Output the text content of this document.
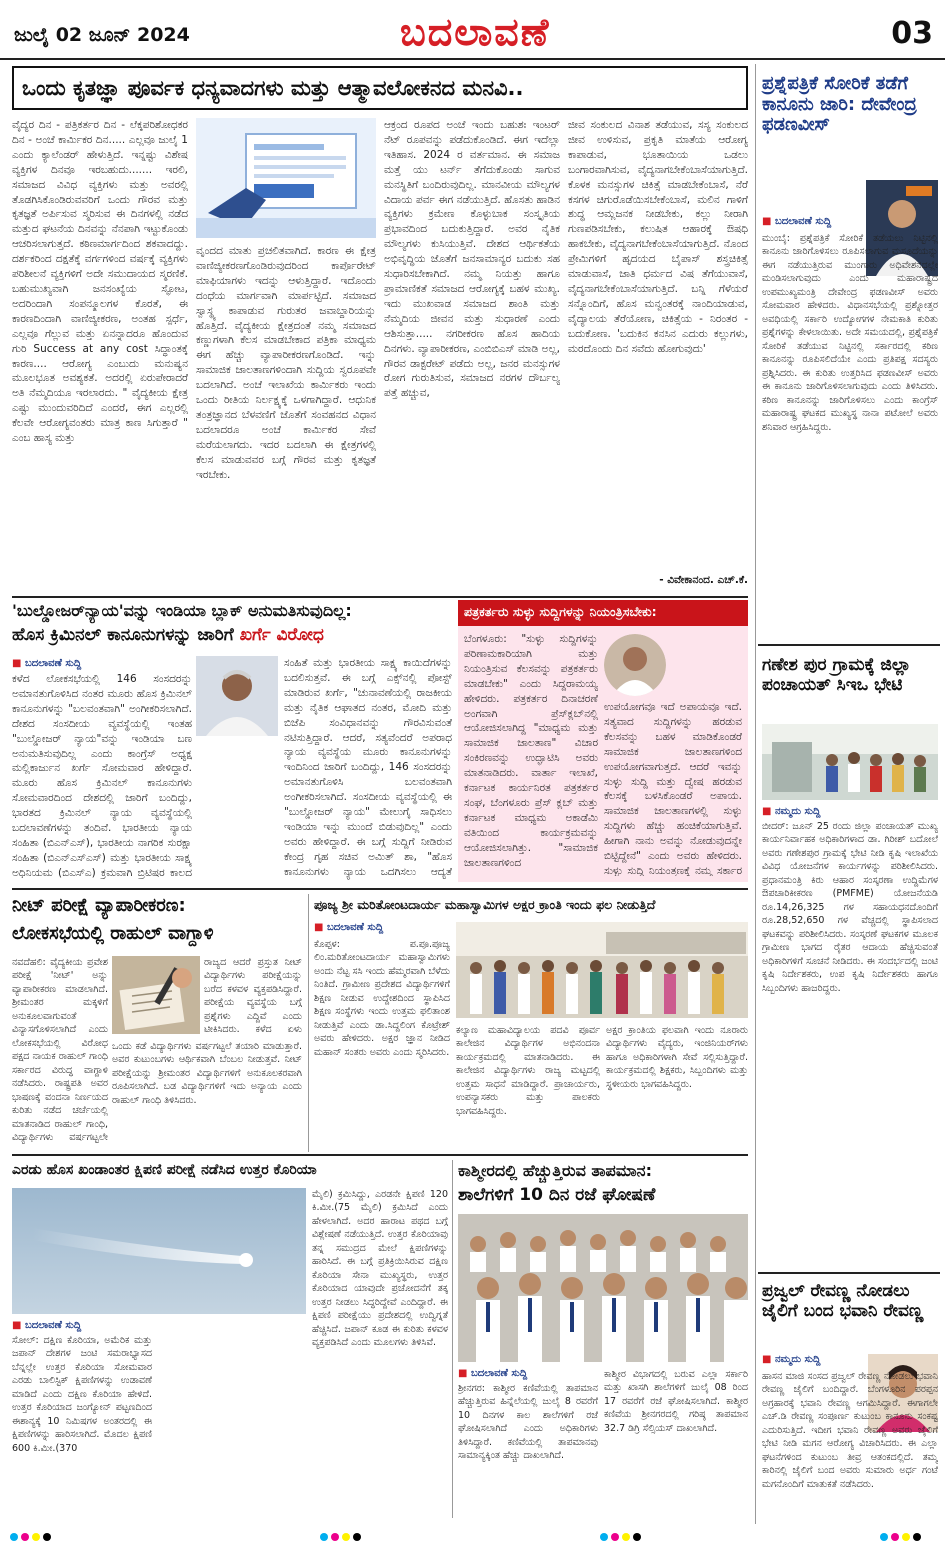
ಜುಲೈ 02 ಜೂನ್ 2024	ಬದಲಾವಣೆ	03
ಒಂದು ಕೃತಜ್ಞಾ ಪೂರ್ವಕ ಧನ್ಯವಾದಗಳು ಮತ್ತು ಆತ್ಮಾವಲೋಕನದ ಮನವಿ..
ವೈದ್ಯರ ದಿನ - ಪತ್ರಿಕರ್ತರ ದಿನ - ಲೆಕ್ಕಪರಿಶೋಧಕರ ದಿನ - ಅಂಚೆ ಕಾರ್ಮಿಕರ ದಿನ..... ಎಲ್ಲವೂ ಜುಲೈ 1 ಎಂದು ಕ್ಯಾಲೆಂಡರ್ ಹೇಳುತ್ತಿದೆ. ಇನ್ನಷ್ಟು ವಿಶೇಷ ವ್ಯಕ್ತಿಗಳ ದಿನವೂ ಇರಬಹುದು....... ಇರಲಿ, ಸಮಾಜದ ವಿವಿಧ ವ್ಯಕ್ತಿಗಳು ಮತ್ತು ಅವರಲ್ಲಿ ತೊಡಗಿಸಿಕೊಂಡಿರುವವರಿಗೆ ಒಂದು ಗೌರವ ಮತ್ತು ಕೃತಜ್ಞತೆ ಅರ್ಪಿಸುವ ಸ್ಮರಿಸುವ ಈ ದಿನಗಳಲ್ಲಿ ನಡೆದ ಮತ್ತುದ ಘಟನೆಯ ದಿನವನ್ನು ನೆನಪಾಗಿ ಇಟ್ಟುಕೊಂಡು ಆಚರಿಸಲಾಗುತ್ತದೆ. ಕಠಿಣಮಾರ್ಗದಿಂದ ಶಕವಾದದ್ದು. ದರ್ಶಕರಿಂದ ದಕ್ಷತೆಕ್ಕೆ ವರ್ಗಗಳಿಂದ ವರ್ಷಕ್ಕೆ ವ್ಯಕ್ತಿಗಳು ಪರಿಶೀಲನೆ ವ್ಯಕ್ತಿಗಳಿಗೆ ಅದೇ ಸಮುದಾಯದ ಸ್ಮರಣಿಕೆ. ಬಹುಮುಖ್ಯವಾಗಿ ಜನಸಂಖ್ಯೆಯ ಸ್ಫೋಟ, ಅದರಿಂದಾಗಿ ಸಂಪನ್ಮೂಲಗಳ ಕೊರತೆ, ಈ ಕಾರಣದಿಂದಾಗಿ ವಾಣಿಜ್ಯೀಕರಣ, ಅಂತಹ ಸ್ಪರ್ಧೆ, ಎಲ್ಲವೂ ಗೆಲ್ಲುವ ಮತ್ತು ಏನನ್ನಾದರೂ ಹೊಂದುವ ಗುರಿ Success at any cost ಸಿದ್ಧಾಂತಕ್ಕೆ ಕಾರಣ.... ಆರೋಗ್ಯ ಎಂಬುದು ಮನುಷ್ಯನ ಮೂಲಭೂತ ಅವಶ್ಯಕತೆ. ಅದರಲ್ಲಿ ಏರುಪೇರಾದರೆ ಅತಿ ನೆಮ್ಮದಿಯೂ ಇರಲಾರದು. " ವೈದ್ಯಕೀಯ ಕ್ಷೇತ್ರ ಎಷ್ಟು ಮುಂದುವರಿದಿದೆ ಎಂದರೆ, ಈಗ ಎಲ್ಲರಲ್ಲಿ ಕೆಲವೇ ಆರೋಗ್ಯವಂತರು ಮಾತ್ರ ಕಾಣ ಸಿಗುತ್ತಾರೆ " ಎಂಬ ಹಾಸ್ಯ ಮತ್ತು
ವೃಂದದ ಮಾತು ಪ್ರಚಲಿತವಾಗಿದೆ. ಕಾರಣ ಈ ಕ್ಷೇತ್ರ ವಾಣಿಜ್ಯೀಕರಣಗೊಂಡಿರುವುದರಿಂದ ಕಾರ್ಪೊರೇಟ್ ಮಾಫಿಯಾಗಳು ಇದನ್ನು ಆಳುತ್ತಿದ್ದಾರೆ. ಇದೊಂದು ದಂಧೆಯ ಮಾರ್ಗವಾಗಿ ಮಾರ್ಪಟ್ಟಿದೆ. ಸಮಾಜದ ಸ್ವಾಸ್ಥ್ಯ ಕಾಪಾಡುವ ಗುರುತರ ಜವಾಬ್ದಾರಿಯನ್ನು ಹೊತ್ತಿದೆ. ವೈದ್ಯಕೀಯ ಕ್ಷೇತ್ರದಂತೆ ನಮ್ಮ ಸಮಾಜದ ಕಣ್ಣುಗಳಾಗಿ ಕೆಲಸ ಮಾಡಬೇಕಾದ ಪತ್ರಿಕಾ ಮಾಧ್ಯಮ ಈಗ ಹೆಚ್ಚು ವ್ಯಾಪಾರೀಕರಣಗೊಂಡಿದೆ. ಇನ್ನು ಸಾಮಾಜಿಕ ಜಾಲತಾಣಗಳಿಂದಾಗಿ ಸುದ್ದಿಯ ಸ್ವರೂಪವೇ ಬದಲಾಗಿದೆ. ಅಂಚೆ ಇಲಾಖೆಯ ಕಾರ್ಮಿಕರು ಇಂದು ಒಂದು ರೀತಿಯ ನಿರ್ಲಕ್ಷ್ಯಕ್ಕೆ ಒಳಗಾಗಿದ್ದಾರೆ. ಆಧುನಿಕ ತಂತ್ರಜ್ಞಾನದ ಬೆಳವಣಿಗೆ ಜೊತೆಗೆ ಸಂವಹನದ ವಿಧಾನ ಬದಲಾದರೂ ಅಂಚೆ ಕಾರ್ಮಿಕರ ಸೇವೆ ಮರೆಯಲಾಗದು. ಇದರ ಬದಲಾಗಿ ಈ ಕ್ಷೇತ್ರಗಳಲ್ಲಿ ಕೆಲಸ ಮಾಡುವವರ ಬಗ್ಗೆ ಗೌರವ ಮತ್ತು ಕೃತಜ್ಞತೆ ಇರಬೇಕು.
ಆಕ್ರಂದ ರೂಪದ ಅಂಚೆ ಇಂದು ಬಹುಶಃ ಇಂಟರ್ ನೆಟ್ ರೂಪವನ್ನು ಪಡೆದುಕೊಂಡಿದೆ. ಈಗ ಇದೆಲ್ಲಾ ಇತಿಹಾಸ. 2024 ರ ವರ್ತಮಾನ. ಈ ಸಮಾಜ ಮತ್ತೆ ಯು ಟರ್ನ್ ತೆಗೆದುಕೊಂಡು ಸಾಗುವ ಮನಸ್ಥಿತಿಗೆ ಬಂದಿರುವುದಿಲ್ಲ. ಮಾನವೀಯ ಮೌಲ್ಯಗಳ ವಿದಾಯ ಪರ್ವ ಈಗ ನಡೆಯುತ್ತಿದೆ. ಹೊಸತು ಹಾಡಿನ ವ್ಯಕ್ತಿಗಳು ಕ್ರಮೇಣ ಕೊಳ್ಳುಬಾಕ ಸಂಸ್ಕೃತಿಯ ಪ್ರಭಾವದಿಂದ ಬದುಕುತ್ತಿದ್ದಾರೆ. ಅವರ ನೈತಿಕ ಮೌಲ್ಯಗಳು ಕುಸಿಯುತ್ತಿವೆ. ದೇಶದ ಆರ್ಥಿಕತೆಯ ಅಭಿವೃದ್ಧಿಯ ಜೊತೆಗೆ ಜನಸಾಮಾನ್ಯರ ಬದುಕು ಸಹ ಸುಧಾರಿಸಬೇಕಾಗಿದೆ. ನಮ್ಮ ನಿಯತ್ತು ಹಾಗೂ ಪ್ರಾಮಾಣಿಕತೆ ಸಮಾಜದ ಆರೋಗ್ಯಕ್ಕೆ ಬಹಳ ಮುಖ್ಯ. ಇದು ಮುಖವಾಡ ಸಮಾಜದ ಶಾಂತಿ ಮತ್ತು ನೆಮ್ಮದಿಯ ಜೀವನ ಮತ್ತು ಸುಧಾರಣೆ ಎಂದು ಆಶಿಸುತ್ತಾ..... ನಗರೀಕರಣ ಹೊಸ ಹಾದಿಯ ದಿನಗಳು. ವ್ಯಾಪಾರೀಕರಣ, ಎಂಬಿಬಿಎಸ್ ಮಾಡಿ ಅಲ್ಲ, ಗೌರವ ಡಾಕ್ಟರೇಟ್ ಪಡೆದು ಅಲ್ಲ, ಜನರ ಮನಸ್ಸುಗಳ ರೋಗ ಗುರುತಿಸುವ, ಸಮಾಜದ ನರಗಳ ದೌರ್ಬಲ್ಯ ಪತ್ತೆ ಹಚ್ಚುವ,
ಜೀವ ಸಂಕುಲದ ವಿನಾಶ ತಡೆಯುವ, ಸಸ್ಯ ಸಂಕುಲದ ಜೀವ ಉಳಿಸುವ, ಪ್ರಕೃತಿ ಮಾತೆಯ ಆರೋಗ್ಯ ಕಾಪಾಡುವ, ಭೂತಾಯಿಯ ಒಡಲು ಬಂಗಾರವಾಗಿಸುವ, ವೈದ್ಯನಾಗಬೇಕೆಂಬಾಸೆಯಾಗುತ್ತಿದೆ. ಕೊಳಕ ಮನಸ್ಸುಗಳ ಚಿಕಿತ್ಸೆ ಮಾಡಬೇಕೆಂಬಾಸೆ, ನೆರೆ ಕಸಗಳ ಚಿಗುರೊಡೆಯಿಸಬೇಕೆಂಬಾಸೆ, ಮಲಿನ ಗಾಳಿಗೆ ಶುದ್ಧ ಆಮ್ಲಜನಕ ನೀಡಬೇಕು, ಕಲ್ಲು ನೀರಾಗಿ ಗುಣಪಡಿಸಬೇಕು, ಕಲುಷಿತ ಆಹಾರಕ್ಕೆ ಔಷಧಿ ಹಾಕಬೇಕು, ವೈದ್ಯನಾಗಬೇಕೆಂಬಾಸೆಯಾಗುತ್ತಿದೆ. ನೊಂದ ಪ್ರೇಮಿಗಳಿಗೆ ಹೃದಯದ ಬೈಪಾಸ್ ಶಸ್ತ್ರಚಿಕಿತ್ಸೆ ಮಾಡುವಾಸೆ, ಜಾತಿ ಧರ್ಮದ ವಿಷ ತೆಗೆಯುವಾಸೆ, ವೈದ್ಯನಾಗಬೇಕೆಂಬಾಸೆಯಾಗುತ್ತಿದೆ. ಬನ್ನಿ ಗೆಳೆಯರೆ ಸನ್ನೊಂದಿಗೆ, ಹೊಸ ಮನ್ವಂತರಕ್ಕೆ ನಾಂದಿಯಾಡುವ, ವೈದ್ಯಾಲಯ ತೆರೆಯೋಣ, ಚಿಕಿತ್ಸೆಯ - ನಿರಂತರ - ಬದುಕೋಣ. 'ಬದುಕಿನ ಕನಸಿನ ಎದುರು ಕಲ್ಲುಗಳು, ಮರದೊಂದು ದಿನ ಸವೆದು ಹೋಗುವುದು'
- ವಿವೇಕಾನಂದ. ಎಚ್.ಕೆ.
ಪ್ರಶ್ನೆಪತ್ರಿಕೆ ಸೋರಿಕೆ ತಡೆಗೆ ಕಾನೂನು ಜಾರಿ: ದೇವೇಂದ್ರ ಫಡಣವೀಸ್
■ ಬದಲಾವಣೆ ಸುದ್ದಿ
ಮುಂಬೈ: ಪ್ರಶ್ನೆಪತ್ರಿಕೆ ಸೋರಿಕೆ ತಡೆಯಲು ನಿಟ್ಟಿನಲ್ಲಿ ಕಾನೂನು ಜಾರಿಗೊಳಿಸಲು ರೂಪಿಸಲಾಗುವ ಮಸೂದೆಯನ್ನು ಈಗ ನಡೆಯುತ್ತಿರುವ ಮುಂಗಾರು ಅಧಿವೇಶನದಲ್ಲೇ ಮಂಡಿಸಲಾಗುವುದು ಎಂದು ಮಹಾರಾಷ್ಟ್ರದ ಉಪಮುಖ್ಯಮಂತ್ರಿ ದೇವೇಂದ್ರ ಫಡಣವೀಸ್ ಅವರು ಸೋಮವಾರ ಹೇಳಿದರು. ವಿಧಾನಸಭೆಯಲ್ಲಿ ಪ್ರಶ್ನೋತ್ತರ ಅವಧಿಯಲ್ಲಿ ಸರ್ಕಾರಿ ಉದ್ಯೋಗಗಳ ನೇಮಕಾತಿ ಕುರಿತು ಪ್ರಶ್ನೆಗಳನ್ನು ಕೇಳಲಾಯಿತು. ಅದೇ ಸಮಯದಲ್ಲಿ, ಪ್ರಶ್ನೆಪತ್ರಿಕೆ ಸೋರಿಕೆ ತಡೆಯುವ ನಿಟ್ಟಿನಲ್ಲಿ ಸರ್ಕಾರದಲ್ಲಿ ಕಠಿಣ ಕಾನೂನನ್ನು ರೂಪಿಸಲಿದೆಯೇ ಎಂದು ಪ್ರತಿಪಕ್ಷ ಸದಸ್ಯರು ಪ್ರಶ್ನಿಸಿದರು. ಈ ಕುರಿತು ಉತ್ತರಿಸಿದ ಫಡಣವೀಸ್ ಅವರು ಈ ಕಾನೂನು ಜಾರಿಗೊಳಿಸಲಾಗುವುದು ಎಂದು ತಿಳಿಸಿದರು. ಕಠಿಣ ಕಾನೂನನ್ನು ಜಾರಿಗೊಳಿಸಲು ಎಂದು ಕಾಂಗ್ರೆಸ್ ಮಹಾರಾಷ್ಟ್ರ ಘಟಕದ ಮುಖ್ಯಸ್ಥ ನಾನಾ ಪಟೋಲೆ ಅವರು ಶನಿವಾರ ಆಗ್ರಹಿಸಿದ್ದರು.
ಗಣೇಶ ಪುರ ಗ್ರಾಮಕ್ಕೆ ಜಿಲ್ಲಾ ಪಂಚಾಯತ್ ಸಿಇಒ ಭೇಟಿ
■ ನಮ್ಮದು ಸುದ್ದಿ
ಬೀದರ್: ಜೂನ್ 25 ರಂದು ಜಿಲ್ಲಾ ಪಂಚಾಯತ್ ಮುಖ್ಯ ಕಾರ್ಯನಿರ್ವಾಹಕ ಅಧಿಕಾರಿಗಳಾದ ಡಾ. ಗಿರೀಶ್ ಬದೋಲೆ ಅವರು ಗಣೇಶಪುರ ಗ್ರಾಮಕ್ಕೆ ಭೇಟಿ ನೀಡಿ ಕೃಷಿ ಇಲಾಖೆಯ ವಿವಿಧ ಯೋಜನೆಗಳ ಕಾರ್ಯಗಳನ್ನು ಪರಿಶೀಲಿಸಿದರು. ಪ್ರಧಾನಮಂತ್ರಿ ಕಿರು ಆಹಾರ ಸಂಸ್ಕರಣಾ ಉದ್ದಿಮೆಗಳ ಔಪಚಾರಿಕೀಕರಣ (PMFME) ಯೋಜನೆಯಡಿ ರೂ.14,26,325 ಗಳ ಸಹಾಯಧನದೊಂದಿಗೆ ರೂ.28,52,650 ಗಳ ವೆಚ್ಚದಲ್ಲಿ ಸ್ಥಾಪಿಸಲಾದ ಘಟಕವನ್ನು ಪರಿಶೀಲಿಸಿದರು. ಸಂಸ್ಕರಣೆ ಘಟಕಗಳ ಮೂಲಕ ಗ್ರಾಮೀಣ ಭಾಗದ ರೈತರ ಆದಾಯ ಹೆಚ್ಚಿಸುವಂತೆ ಅಧಿಕಾರಿಗಳಿಗೆ ಸೂಚನೆ ನೀಡಿದರು. ಈ ಸಂದರ್ಭದಲ್ಲಿ ಜಂಟಿ ಕೃಷಿ ನಿರ್ದೇಶಕರು, ಉಪ ಕೃಷಿ ನಿರ್ದೇಶಕರು ಹಾಗೂ ಸಿಬ್ಬಂದಿಗಳು ಹಾಜರಿದ್ದರು.
ಪ್ರಜ್ವಲ್ ರೇವಣ್ಣ ನೋಡಲು ಜೈಲಿಗೆ ಬಂದ ಭವಾನಿ ರೇವಣ್ಣ
■ ನಮ್ಮದು ಸುದ್ದಿ
ಹಾಸನ ಮಾಜಿ ಸಂಸದ ಪ್ರಜ್ವಲ್ ರೇವಣ್ಣ ನೋಡಲು ಭವಾನಿ ರೇವಣ್ಣ ಜೈಲಿಗೆ ಬಂದಿದ್ದಾರೆ. ಬೆಂಗಳೂರಿನ ಪರಪ್ಪನ ಅಗ್ರಹಾರಕ್ಕೆ ಭವಾನಿ ರೇವಣ್ಣ ಆಗಮಿಸಿದ್ದಾರೆ. ಈಗಾಗಲೇ ಎಚ್.ಡಿ ರೇವಣ್ಣ ಸಂಪೂರ್ಣ ಕುಟುಂಬ ಕಾನೂನು ಸಂಕಷ್ಟ ಎದುರಿಸುತ್ತಿದೆ. ಇದೀಗ ಭವಾನಿ ರೇವಣ್ಣ ಅವರು ಜೈಲಿಗೆ ಭೇಟಿ ನೀಡಿ ಮಗನ ಆರೋಗ್ಯ ವಿಚಾರಿಸಿದರು. ಈ ಎಲ್ಲಾ ಘಟನೆಗಳಿಂದ ಕುಟುಂಬ ತೀವ್ರ ಆತಂಕದಲ್ಲಿದೆ. ತಮ್ಮ ಕಾರಿನಲ್ಲಿ ಜೈಲಿಗೆ ಬಂದ ಅವರು ಸುಮಾರು ಅರ್ಧ ಗಂಟೆ ಮಗನೊಂದಿಗೆ ಮಾತುಕತೆ ನಡೆಸಿದರು.
'ಬುಲ್ಡೋಜರ್‌ನ್ಯಾಯ'ವನ್ನು ಇಂಡಿಯಾ ಬ್ಲಾಕ್ ಅನುಮತಿಸುವುದಿಲ್ಲ:
ಹೊಸ ಕ್ರಿಮಿನಲ್ ಕಾನೂನುಗಳನ್ನು ಜಾರಿಗೆ ಖರ್ಗೆ ವಿರೋಧ
■ ಬದಲಾವಣೆ ಸುದ್ದಿ
ಕಳೆದ ಲೋಕಸಭೆಯಲ್ಲಿ 146 ಸಂಸದರನ್ನು ಅಮಾನತುಗೊಳಿಸಿದ ನಂತರ ಮೂರು ಹೊಸ ಕ್ರಿಮಿನಲ್ ಕಾನೂನುಗಳನ್ನು "ಬಲವಂತವಾಗಿ" ಅಂಗೀಕರಿಸಲಾಗಿದೆ. ದೇಶದ ಸಂಸದೀಯ ವ್ಯವಸ್ಥೆಯಲ್ಲಿ ಇಂತಹ "ಬುಲ್ಡೋಜರ್ ನ್ಯಾಯ"ವನ್ನು ಇಂಡಿಯಾ ಬಣ ಅನುಮತಿಸುವುದಿಲ್ಲ ಎಂದು ಕಾಂಗ್ರೆಸ್ ಅಧ್ಯಕ್ಷ ಮಲ್ಲಿಕಾರ್ಜುನ ಖರ್ಗೆ ಸೋಮವಾರ ಹೇಳಿದ್ದಾರೆ. ಮೂರು ಹೊಸ ಕ್ರಿಮಿನಲ್ ಕಾನೂನುಗಳು ಸೋಮವಾರದಿಂದ ದೇಶದಲ್ಲಿ ಜಾರಿಗೆ ಬಂದಿದ್ದು, ಭಾರತದ ಕ್ರಿಮಿನಲ್ ನ್ಯಾಯ ವ್ಯವಸ್ಥೆಯಲ್ಲಿ ಬದಲಾವಣೆಗಳನ್ನು ತಂದಿವೆ. ಭಾರತೀಯ ನ್ಯಾಯ ಸಂಹಿತಾ (ಬಿಎನ್‌ಎಸ್), ಭಾರತೀಯ ನಾಗರಿಕ ಸುರಕ್ಷಾ ಸಂಹಿತಾ (ಬಿಎನ್‌ಎಸ್‌ಎಸ್) ಮತ್ತು ಭಾರತೀಯ ಸಾಕ್ಷ್ಯ ಅಧಿನಿಯಮ (ಬಿಎಸ್‌ಎ) ಕ್ರಮವಾಗಿ ಬ್ರಿಟಿಷರ ಕಾಲದ
ಸಂಹಿತೆ ಮತ್ತು ಭಾರತೀಯ ಸಾಕ್ಷ್ಯ ಕಾಯಿದೆಗಳನ್ನು ಬದಲಿಸುತ್ತವೆ. ಈ ಬಗ್ಗೆ ಎಕ್ಸ್‌ನಲ್ಲಿ ಪೋಸ್ಟ್ ಮಾಡಿರುವ ಖರ್ಗೆ, "ಚುನಾವಣೆಯಲ್ಲಿ ರಾಜಕೀಯ ಮತ್ತು ನೈತಿಕ ಆಘಾತದ ನಂತರ, ಮೋದಿ ಮತ್ತು ಬಿಜೆಪಿ ಸಂವಿಧಾನವನ್ನು ಗೌರವಿಸುವಂತೆ ನಟಿಸುತ್ತಿದ್ದಾರೆ. ಆದರೆ, ಸತ್ಯವೆಂದರೆ ಅಪರಾಧ ನ್ಯಾಯ ವ್ಯವಸ್ಥೆಯ ಮೂರು ಕಾನೂನುಗಳನ್ನು ಇಂದಿನಿಂದ ಜಾರಿಗೆ ಬಂದಿದ್ದು, 146 ಸಂಸದರನ್ನು ಅಮಾನತುಗೊಳಿಸಿ ಬಲವಂತವಾಗಿ ಅಂಗೀಕರಿಸಲಾಗಿದೆ. ಸಂಸದೀಯ ವ್ಯವಸ್ಥೆಯಲ್ಲಿ ಈ "ಬುಲ್ಡೋಜರ್ ನ್ಯಾಯ" ಮೇಲುಗೈ ಸಾಧಿಸಲು ಇಂಡಿಯಾ ಇನ್ನು ಮುಂದೆ ಬಿಡುವುದಿಲ್ಲ" ಎಂದು ಅವರು ಹೇಳಿದ್ದಾರೆ. ಈ ಬಗ್ಗೆ ಸುದ್ದಿಗೆ ನೀಡಿರುವ ಕೇಂದ್ರ ಗೃಹ ಸಚಿವ ಅಮಿತ್ ಶಾ, "ಹೊಸ ಕಾನೂನುಗಳು ನ್ಯಾಯ ಒದಗಿಸಲು ಆದ್ಯತೆ
ಪತ್ರಕರ್ತರು ಸುಳ್ಳು ಸುದ್ದಿಗಳನ್ನು ನಿಯಂತ್ರಿಸಬೇಕು:
ಬೆಂಗಳೂರು: "ಸುಳ್ಳು ಸುದ್ದಿಗಳನ್ನು ಪರಿಣಾಮಕಾರಿಯಾಗಿ ಮತ್ತು ನಿಯಂತ್ರಿಸುವ ಕೆಲಸವನ್ನು ಪತ್ರಕರ್ತರು ಮಾಡಬೇಕು" ಎಂದು ಸಿದ್ದರಾಮಯ್ಯ ಹೇಳಿದರು. ಪತ್ರಕರ್ತರ ದಿನಾಚರಣೆ ಅಂಗವಾಗಿ ಪ್ರೆಸ್‌ಕ್ಲಬ್‌ನಲ್ಲಿ ಆಯೋಜಿಸಲಾಗಿದ್ದ "ಮಾಧ್ಯಮ ಮತ್ತು ಸಾಮಾಜಿಕ ಜಾಲತಾಣ" ವಿಚಾರ ಸಂಕಿರಣವನ್ನು ಉದ್ಘಾಟಿಸಿ ಅವರು ಮಾತನಾಡಿದರು. ವಾರ್ತಾ ಇಲಾಖೆ, ಕರ್ನಾಟಕ ಕಾರ್ಯನಿರತ ಪತ್ರಕರ್ತರ ಸಂಘ, ಬೆಂಗಳೂರು ಪ್ರೆಸ್ ಕ್ಲಬ್ ಮತ್ತು ಕರ್ನಾಟಕ ಮಾಧ್ಯಮ ಅಕಾಡೆಮಿ ವತಿಯಿಂದ ಕಾರ್ಯಕ್ರಮವನ್ನು ಆಯೋಜಿಸಲಾಗಿತ್ತು. "ಸಾಮಾಜಿಕ ಜಾಲತಾಣಗಳಿಂದ
ಉಪಯೋಗವೂ ಇದೆ ಅಪಾಯವೂ ಇದೆ. ಸತ್ಯವಾದ ಸುದ್ದಿಗಳನ್ನು ಹರಡುವ ಕೆಲಸವನ್ನು ಬಹಳ ಮಾಡಿಕೊಂಡರೆ ಸಾಮಾಜಿಕ ಜಾಲತಾಣಗಳಿಂದ ಉಪಯೋಗವಾಗುತ್ತದೆ. ಆದರೆ ಇವನ್ನು ಸುಳ್ಳು ಸುದ್ದಿ ಮತ್ತು ದ್ವೇಷ ಹರಡುವ ಕೆಲಸಕ್ಕೆ ಬಳಸಿಕೊಂಡರೆ ಅಪಾಯ. ಸಾಮಾಜಿಕ ಜಾಲತಾಣಗಳಲ್ಲಿ ಸುಳ್ಳು ಸುದ್ದಿಗಳು ಹೆಚ್ಚು ಹಂಚಿಕೆಯಾಗುತ್ತಿವೆ. ಹೀಗಾಗಿ ನಾನು ಅವನ್ನು ನೋಡುವುದನ್ನೇ ಬಿಟ್ಟಿದ್ದೇನೆ" ಎಂದು ಅವರು ಹೇಳಿದರು. ಸುಳ್ಳು ಸುದ್ದಿ ನಿಯಂತ್ರಣಕ್ಕೆ ನಮ್ಮ ಸರ್ಕಾರ
ನೀಟ್ ಪರೀಕ್ಷೆ ವ್ಯಾಪಾರೀಕರಣ:
ಲೋಕಸಭೆಯಲ್ಲಿ ರಾಹುಲ್ ವಾಗ್ದಾಳಿ
ನವದೆಹಲಿ: ವೈದ್ಯಕೀಯ ಪ್ರವೇಶ ಪರೀಕ್ಷೆ 'ನೀಟ್' ಅನ್ನು ವ್ಯಾಪಾರೀಕರಣ ಮಾಡಲಾಗಿದೆ. ಶ್ರೀಮಂತರ ಮಕ್ಕಳಿಗೆ ಅನುಕೂಲವಾಗುವಂತೆ ವಿನ್ಯಾಸಗೊಳಿಸಲಾಗಿದೆ ಎಂದು ಲೋಕಸಭೆಯಲ್ಲಿ ವಿರೋಧ ಪಕ್ಷದ ನಾಯಕ ರಾಹುಲ್ ಗಾಂಧಿ ಸರ್ಕಾರದ ವಿರುದ್ಧ ವಾಗ್ದಾಳಿ ನಡೆಸಿದರು. ರಾಷ್ಟ್ರಪತಿ ಅವರ ಭಾಷಣಕ್ಕೆ ವಂದನಾ ನಿರ್ಣಯದ ಕುರಿತು ನಡೆದ ಚರ್ಚೆಯಲ್ಲಿ ಮಾತನಾಡಿದ ರಾಹುಲ್ ಗಾಂಧಿ, ವಿದ್ಯಾರ್ಥಿಗಳು ವರ್ಷಗಟ್ಟಲೇ
ರಾಜ್ಯದ ಆದರೆ ಪ್ರಸ್ತುತ ನೀಟ್ ವಿದ್ಯಾರ್ಥಿಗಳು ಪರೀಕ್ಷೆಯನ್ನು ಬರೆದ ಕಳವಳ ವ್ಯಕ್ತಪಡಿಸಿದ್ದಾರೆ. ಪರೀಕ್ಷೆಯ ವ್ಯವಸ್ಥೆಯ ಬಗ್ಗೆ ಪ್ರಶ್ನೆಗಳು ಎದ್ದಿವೆ ಎಂದು ಟೀಕಿಸಿದರು. ಕಳೆದ ಏಳು
ಒಂದು ಕಡೆ ವಿದ್ಯಾರ್ಥಿಗಳು ವರ್ಷಗಟ್ಟಲೆ ತಯಾರಿ ಮಾಡುತ್ತಾರೆ. ಅವರ ಕುಟುಂಬಗಳು ಆರ್ಥಿಕವಾಗಿ ಬೆಂಬಲ ನೀಡುತ್ತವೆ. ನೀಟ್ ಪರೀಕ್ಷೆಯನ್ನು ಶ್ರೀಮಂತರ ವಿದ್ಯಾರ್ಥಿಗಳಿಗೆ ಅನುಕೂಲಕರವಾಗಿ ರೂಪಿಸಲಾಗಿದೆ. ಬಡ ವಿದ್ಯಾರ್ಥಿಗಳಿಗೆ ಇದು ಅನ್ಯಾಯ ಎಂದು ರಾಹುಲ್ ಗಾಂಧಿ ತಿಳಿಸಿದರು.
ಪೂಜ್ಯ ಶ್ರೀ ಮರಿತೋಂಟದಾರ್ಯ ಮಹಾಸ್ವಾಮಿಗಳ ಅಕ್ಷರ ಕ್ರಾಂತಿ ಇಂದು ಫಲ ನೀಡುತ್ತಿದೆ
■ ಬದಲಾವಣೆ ಸುದ್ದಿ
ಕೊಪ್ಪಳ: ಪ.ಪೂ.ಪೂಜ್ಯ ಲಿಂ.ಮರಿತೋಂಟದಾರ್ಯ ಮಹಾಸ್ವಾಮಿಗಳು ಅಂದು ನೆಟ್ಟ ಸಸಿ ಇಂದು ಹೆಮ್ಮರವಾಗಿ ಬೆಳೆದು ನಿಂತಿದೆ. ಗ್ರಾಮೀಣ ಪ್ರದೇಶದ ವಿದ್ಯಾರ್ಥಿಗಳಿಗೆ ಶಿಕ್ಷಣ ನೀಡುವ ಉದ್ದೇಶದಿಂದ ಸ್ಥಾಪಿಸಿದ ಶಿಕ್ಷಣ ಸಂಸ್ಥೆಗಳು ಇಂದು ಉತ್ತಮ ಫಲಿತಾಂಶ ನೀಡುತ್ತಿವೆ ಎಂದು ಡಾ.ಸಿದ್ದಲಿಂಗ ಕೊಟ್ರೇಶ್ ಅವರು ಹೇಳಿದರು. ಅಕ್ಷರ ಜ್ಞಾನ ನೀಡಿದ ಮಹಾನ್ ಸಂತರು ಅವರು ಎಂದು ಸ್ಮರಿಸಿದರು.
ಕಲ್ಯಾಣ ಮಹಾವಿದ್ಯಾಲಯ ಪದವಿ ಪೂರ್ವ ಕಾಲೇಜಿನ ವಿದ್ಯಾರ್ಥಿಗಳ ಅಭಿನಂದನಾ ಕಾರ್ಯಕ್ರಮದಲ್ಲಿ ಮಾತನಾಡಿದರು. ಈ ಕಾಲೇಜಿನ ವಿದ್ಯಾರ್ಥಿಗಳು ರಾಜ್ಯ ಮಟ್ಟದಲ್ಲಿ ಉತ್ತಮ ಸಾಧನೆ ಮಾಡಿದ್ದಾರೆ. ಪ್ರಾಚಾರ್ಯರು, ಉಪನ್ಯಾಸಕರು ಮತ್ತು ಪಾಲಕರು ಭಾಗವಹಿಸಿದ್ದರು.
ಅಕ್ಷರ ಕ್ರಾಂತಿಯ ಫಲವಾಗಿ ಇಂದು ನೂರಾರು ವಿದ್ಯಾರ್ಥಿಗಳು ವೈದ್ಯರು, ಇಂಜಿನಿಯರ್‌ಗಳು ಹಾಗೂ ಅಧಿಕಾರಿಗಳಾಗಿ ಸೇವೆ ಸಲ್ಲಿಸುತ್ತಿದ್ದಾರೆ. ಕಾರ್ಯಕ್ರಮದಲ್ಲಿ ಶಿಕ್ಷಕರು, ಸಿಬ್ಬಂದಿಗಳು ಮತ್ತು ಸ್ಥಳೀಯರು ಭಾಗವಹಿಸಿದ್ದರು.
ಎರಡು ಹೊಸ ಖಂಡಾಂತರ ಕ್ಷಿಪಣಿ ಪರೀಕ್ಷೆ ನಡೆಸಿದ ಉತ್ತರ ಕೊರಿಯಾ
■ ಬದಲಾವಣೆ ಸುದ್ದಿ
ಸೋಲ್: ದಕ್ಷಿಣ ಕೊರಿಯಾ, ಅಮೆರಿಕ ಮತ್ತು ಜಪಾನ್ ದೇಶಗಳ ಜಂಟಿ ಸಮರಾಭ್ಯಾಸದ ಬೆನ್ನಲ್ಲೇ ಉತ್ತರ ಕೊರಿಯಾ ಸೋಮವಾರ ಎರಡು ಬಾಲಿಸ್ಟಿಕ್ ಕ್ಷಿಪಣಿಗಳನ್ನು ಉಡಾವಣೆ ಮಾಡಿದೆ ಎಂದು ದಕ್ಷಿಣ ಕೊರಿಯಾ ಹೇಳಿದೆ. ಉತ್ತರ ಕೊರಿಯಾದ ಜಂಗ್ಯೋನ್ ಪಟ್ಟಣದಿಂದ ಈಶಾನ್ಯಕ್ಕೆ 10 ನಿಮಿಷಗಳ ಅಂತರದಲ್ಲಿ ಈ ಕ್ಷಿಪಣಿಗಳನ್ನು ಹಾರಿಸಲಾಗಿದೆ. ಮೊದಲ ಕ್ಷಿಪಣಿ 600 ಕಿ.ಮೀ.(370
ಮೈಲಿ) ಕ್ರಮಿಸಿದ್ದು, ಎರಡನೇ ಕ್ಷಿಪಣಿ 120 ಕಿ.ಮೀ.(75 ಮೈಲಿ) ಕ್ರಮಿಸಿದೆ ಎಂದು ಹೇಳಲಾಗಿದೆ. ಅದರ ಹಾರಾಟ ಪಥದ ಬಗ್ಗೆ ವಿಶ್ಲೇಷಣೆ ನಡೆಯುತ್ತಿದೆ. ಉತ್ತರ ಕೊರಿಯಾವು ತನ್ನ ಸಮುದ್ರದ ಮೇಲೆ ಕ್ಷಿಪಣಿಗಳನ್ನು ಹಾರಿಸಿದೆ. ಈ ಬಗ್ಗೆ ಪ್ರತಿಕ್ರಿಯಿಸಿರುವ ದಕ್ಷಿಣ ಕೊರಿಯಾ ಸೇನಾ ಮುಖ್ಯಸ್ಥರು, ಉತ್ತರ ಕೊರಿಯಾದ ಯಾವುದೇ ಪ್ರಚೋದನೆಗೆ ತಕ್ಕ ಉತ್ತರ ನೀಡಲು ಸಿದ್ಧರಿದ್ದೇವೆ ಎಂದಿದ್ದಾರೆ. ಈ ಕ್ಷಿಪಣಿ ಪರೀಕ್ಷೆಯು ಪ್ರದೇಶದಲ್ಲಿ ಉದ್ವಿಗ್ನತೆ ಹೆಚ್ಚಿಸಿದೆ. ಜಪಾನ್ ಕೂಡ ಈ ಕುರಿತು ಕಳವಳ ವ್ಯಕ್ತಪಡಿಸಿದೆ ಎಂದು ಮೂಲಗಳು ತಿಳಿಸಿವೆ.
ಕಾಶ್ಮೀರದಲ್ಲಿ ಹೆಚ್ಚುತ್ತಿರುವ ತಾಪಮಾನ:
ಶಾಲೆಗಳಿಗೆ 10 ದಿನ ರಜೆ ಘೋಷಣೆ
■ ಬದಲಾವಣೆ ಸುದ್ದಿ
ಶ್ರೀನಗರ: ಕಾಶ್ಮೀರ ಕಣಿವೆಯಲ್ಲಿ ತಾಪಮಾನ ಹೆಚ್ಚುತ್ತಿರುವ ಹಿನ್ನೆಲೆಯಲ್ಲಿ ಜುಲೈ 8 ರವರೆಗೆ 10 ದಿನಗಳ ಕಾಲ ಶಾಲೆಗಳಿಗೆ ರಜೆ ಘೋಷಿಸಲಾಗಿದೆ ಎಂದು ಅಧಿಕಾರಿಗಳು ತಿಳಿಸಿದ್ದಾರೆ. ಕಣಿವೆಯಲ್ಲಿ ತಾಪಮಾನವು ಸಾಮಾನ್ಯಕ್ಕಿಂತ ಹೆಚ್ಚು ದಾಖಲಾಗಿದೆ.
ಕಾಶ್ಮೀರ ವಿಭಾಗದಲ್ಲಿ ಬರುವ ಎಲ್ಲಾ ಸರ್ಕಾರಿ ಮತ್ತು ಖಾಸಗಿ ಶಾಲೆಗಳಿಗೆ ಜುಲೈ 08 ರಿಂದ 17 ರವರೆಗೆ ರಜೆ ಘೋಷಿಸಲಾಗಿದೆ. ಕಾಶ್ಮೀರ ಕಣಿವೆಯ ಶ್ರೀನಗರದಲ್ಲಿ ಗರಿಷ್ಠ ತಾಪಮಾನ 32.7 ಡಿಗ್ರಿ ಸೆಲ್ಸಿಯಸ್ ದಾಖಲಾಗಿದೆ.
